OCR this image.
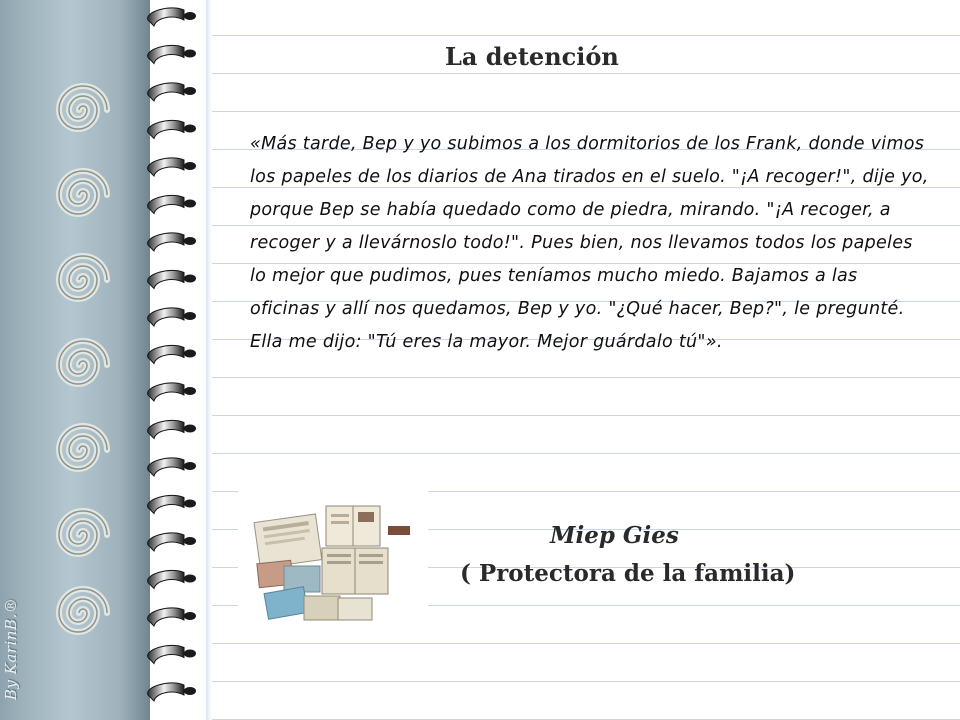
By KarinB.®
La detención

«Más tarde, Bep y yo subimos a los dormitorios de los Frank, donde vimos los papeles de los diarios de Ana tirados en el suelo. "¡A recoger!", dije yo, porque Bep se había quedado como de piedra, mirando. "¡A recoger, a recoger y a llevárnoslo todo!". Pues bien, nos llevamos todos los papeles lo mejor que pudimos, pues teníamos mucho miedo. Bajamos a las oficinas y allí nos quedamos, Bep y yo. "¿Qué hacer, Bep?", le pregunté. Ella me dijo: "Tú eres la mayor. Mejor guárdalo tú"».

Miep Gies
( Protectora de la familia)
